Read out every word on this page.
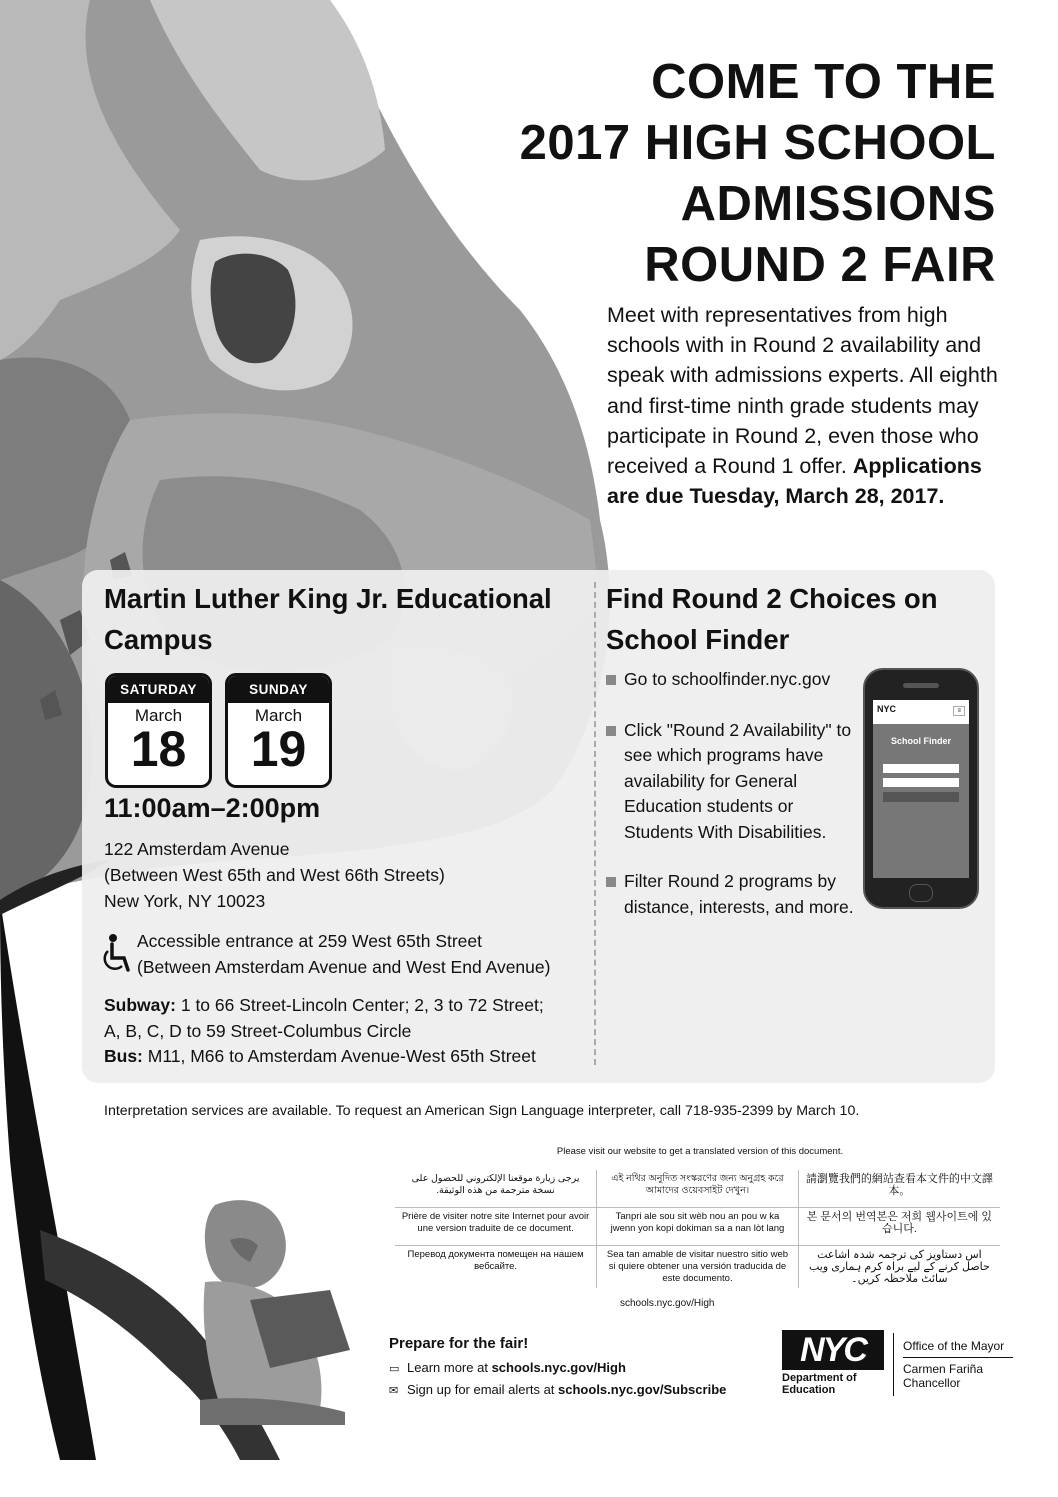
COME TO THE
2017 HIGH SCHOOL
ADMISSIONS
ROUND 2 FAIR

Meet with representatives from high schools with in Round 2 availability and speak with admissions experts. All eighth and first-time ninth grade students may participate in Round 2, even those who received a Round 1 offer. Applications are due Tuesday, March 28, 2017.

Martin Luther King Jr. Educational Campus
SATURDAY
March
18
SUNDAY
March
19

11:00am–2:00pm

122 Amsterdam Avenue
(Between West 65th and West 66th Streets)
New York, NY 10023

Accessible entrance at 259 West 65th Street
(Between Amsterdam Avenue and West End Avenue)

Subway: 1 to 66 Street-Lincoln Center; 2, 3 to 72 Street;
A, B, C, D to 59 Street-Columbus Circle
Bus: M11, M66 to Amsterdam Avenue-West 65th Street
Find Round 2 Choices on School Finder
Go to schoolfinder.nyc.gov
Click "Round 2 Availability" to see which programs have availability for General Education students or Students With Disabilities.
Filter Round 2 programs by distance, interests, and more.
NYC	≡
School Finder

Interpretation services are available. To request an American Sign Language interpreter, call 718-935-2399 by March 10.

Please visit our website to get a translated version of this document.

يرجى زيارة موقعنا الإلكتروني للحصول على نسخة مترجمة من هذه الوثيقة.	এই নথির অনুদিত সংস্করণের জন্য অনুগ্রহ করে আমাদের ওয়েবসাইট দেখুন।	請瀏覽我們的網站查看本文件的中文譯本。
Prière de visiter notre site Internet pour avoir une version traduite de ce document.	Tanpri ale sou sit wèb nou an pou w ka jwenn yon kopi dokiman sa a nan lòt lang	본 문서의 번역본은 저희 웹사이트에 있습니다.
Перевод документа помещен на нашем вебсайте.	Sea tan amable de visitar nuestro sitio web si quiere obtener una versión traducida de este documento.	اس دستاویز کی ترجمہ شدہ اشاعت حاصل کرنے کے لیے براہ کرم ہماری ویب سائٹ ملاحظہ کریں۔

schools.nyc.gov/High

Prepare for the fair!

▭ Learn more at schools.nyc.gov/High

✉ Sign up for email alerts at schools.nyc.gov/Subscribe

NYC

Department of
Education

Office of the Mayor

Carmen Fariña
Chancellor
